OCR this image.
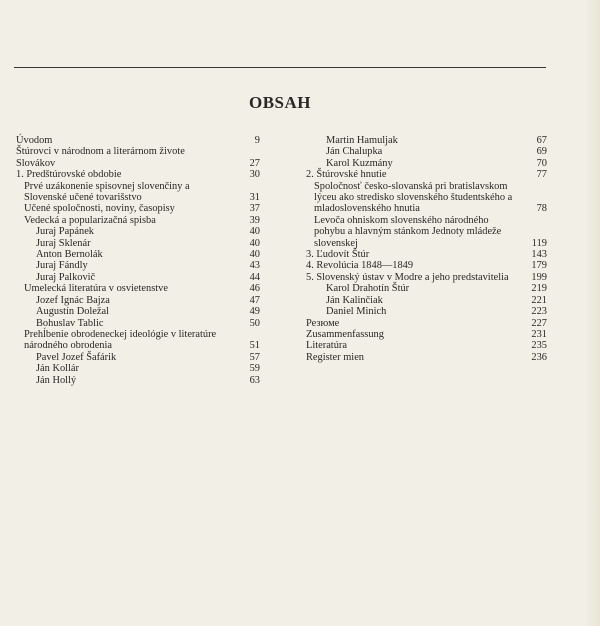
OBSAH
Úvodom	9
Štúrovci v národnom a literárnom živote Slovákov	27
1. Predštúrovské obdobie	30
Prvé uzákonenie spisovnej slovenčiny a Slovenské učené tovarišstvo	31
Učené spoločnosti, noviny, časopisy	37
Vedecká a popularizačná spisba	39
Juraj Papánek	40
Juraj Sklenár	40
Anton Bernolák	40
Juraj Fándly	43
Juraj Palkovič	44
Umelecká literatúra v osvietenstve	46
Jozef Ignác Bajza	47
Augustín Doležal	49
Bohuslav Tablic	50
Prehĺbenie obrodeneckej ideológie v literatúre národného obrodenia	51
Pavel Jozef Šafárik	57
Ján Kollár	59
Ján Hollý	63
Martin Hamuljak	67
Ján Chalupka	69
Karol Kuzmány	70
2. Štúrovské hnutie	77
Spoločnosť česko-slovanská pri bratislavskom lýceu ako stredisko slovenského študentského a mladoslovenského hnutia	78
Levoča ohniskom slovenského národného pohybu a hlavným stánkom Jednoty mládeže slovenskej	119
3. Ľudovít Štúr	143
4. Revolúcia 1848—1849	179
5. Slovenský ústav v Modre a jeho predstavitelia	199
Karol Drahotín Štúr	219
Ján Kalinčiak	221
Daniel Minich	223
Резюме	227
Zusammenfassung	231
Literatúra	235
Register mien	236
